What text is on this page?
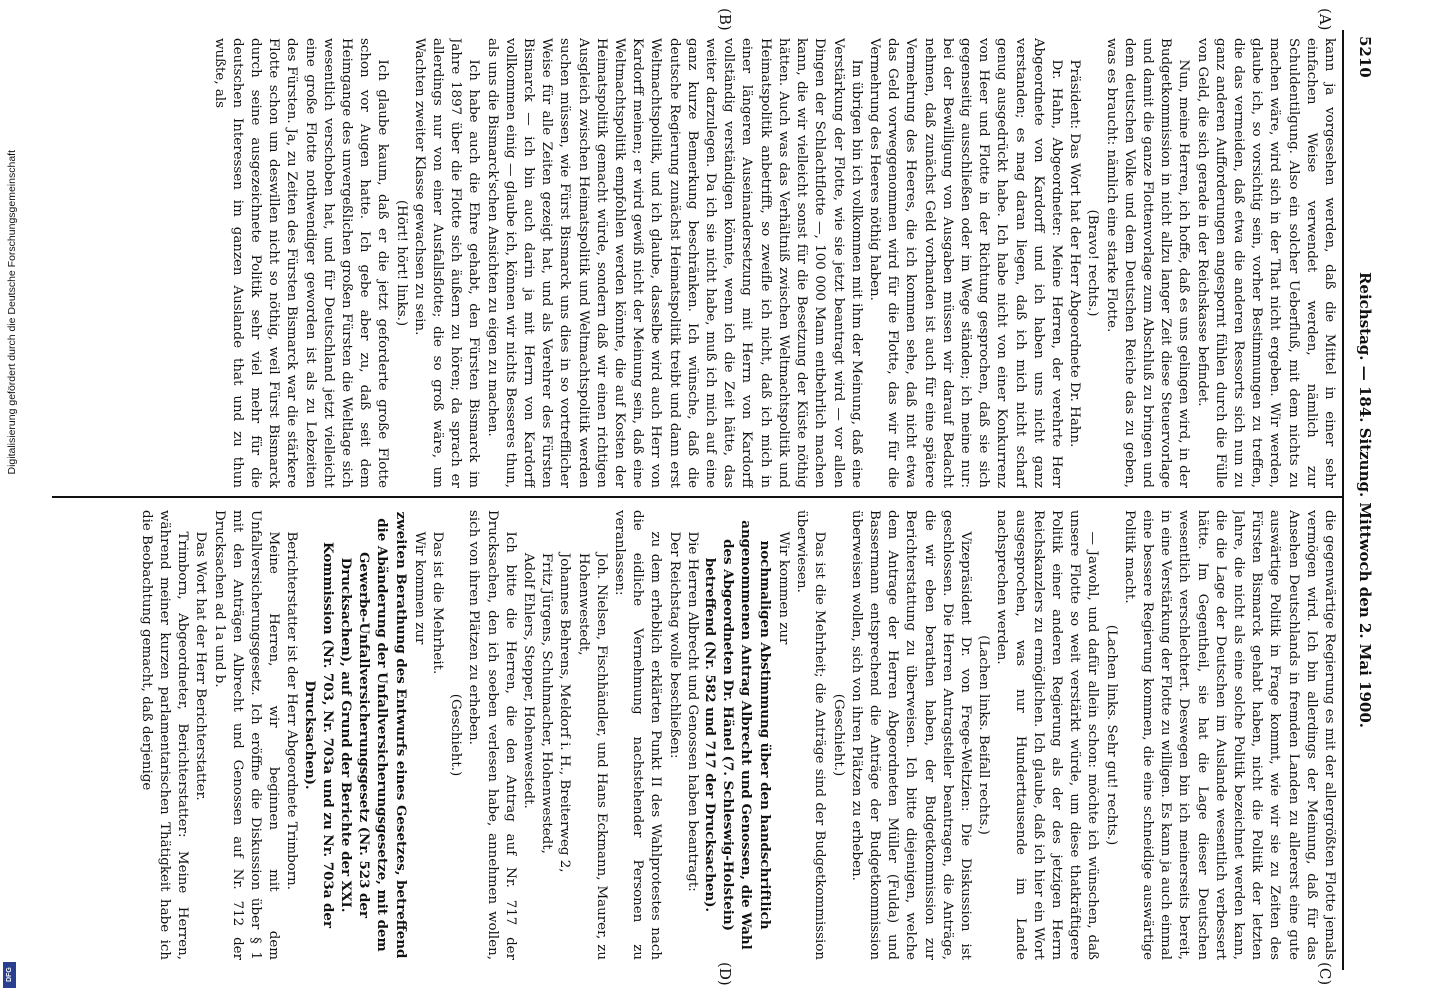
5210
Reichstag. — 184. Sitzung. Mittwoch den 2. Mai 1900.
(A)
(B)
(C)
(D)

kann ja vorgesehen werden, daß die Mittel in einer sehr einfachen Weise verwendet werden, nämlich zur Schuldentilgung. Also ein solcher Ueberfluß, mit dem nichts zu machen wäre, wird sich in der That nicht ergeben. Wir werden, glaube ich, so vorsichtig sein, vorher Bestimmungen zu treffen, die das vermeiden, daß etwa die anderen Ressorts sich nun zu ganz anderen Aufforderungen angespornt fühlen durch die Fülle von Geld, die sich gerade in der Reichskasse befindet.

Nun, meine Herren, ich hoffe, daß es uns gelingen wird, in der Budgetkommission in nicht allzu langer Zeit diese Steuervorlage und damit die ganze Flottenvorlage zum Abschluß zu bringen und dem deutschen Volke und dem Deutschen Reiche das zu geben, was es braucht: nämlich eine starke Flotte.

(Bravo! rechts.)

Präsident: Das Wort hat der Herr Abgeordnete Dr. Hahn.

Dr. Hahn, Abgeordneter: Meine Herren, der verehrte Herr Abgeordnete von Kardorff und ich haben uns nicht ganz verstanden; es mag daran liegen, daß ich mich nicht scharf genug ausgedrückt habe. Ich habe nicht von einer Konkurrenz von Heer und Flotte in der Richtung gesprochen, daß sie sich gegenseitig ausschließen oder im Wege ständen; ich meine nur: bei der Bewilligung von Ausgaben müssen wir darauf Bedacht nehmen, daß zunächst Geld vorhanden ist auch für eine spätere Vermehrung des Heeres, die ich kommen sehe, daß nicht etwa das Geld vorweggenommen wird für die Flotte, das wir für die Vermehrung des Heeres nöthig haben.

Im übrigen bin ich vollkommen mit ihm der Meinung, daß eine Verstärkung der Flotte, wie sie jetzt beantragt wird — vor allen Dingen der Schlachtflotte —, 100 000 Mann entbehrlich machen kann, die wir vielleicht sonst für die Besetzung der Küste nöthig hätten. Auch was das Verhältniß zwischen Weltmachtspolitik und Heimatspolitik anbetrifft, so zweifle ich nicht, daß ich mich in einer längeren Auseinandersetzung mit Herrn von Kardorff vollständig verständigen könnte, wenn ich die Zeit hätte, das weiter darzulegen. Da ich sie nicht habe, muß ich mich auf eine ganz kurze Bemerkung beschränken. Ich wünsche, daß die deutsche Regierung zunächst Heimatspolitik treibt und dann erst Weltmachtspolitik, und ich glaube, dasselbe wird auch Herr von Kardorff meinen; er wird gewiß nicht der Meinung sein, daß eine Weltmachtspolitik empfohlen werden könnte, die auf Kosten der Heimatspolitik gemacht würde, sondern daß wir einen richtigen Ausgleich zwischen Heimatspolitik und Weltmachtspolitik werden suchen müssen, wie Fürst Bismarck uns dies in so vortrefflicher Weise für alle Zeiten gezeigt hat, und als Verehrer des Fürsten Bismarck — ich bin auch darin ja mit Herrn von Kardorff vollkommen einig — glaube ich, können wir nichts Besseres thun, als uns die Bismarck'schen Ansichten zu eigen zu machen.

Ich habe auch die Ehre gehabt, den Fürsten Bismarck im Jahre 1897 über die Flotte sich äußern zu hören; da sprach er allerdings nur von einer Ausfallsflotte; die so groß wäre, um Wachten zweiter Klasse gewachsen zu sein.

(Hört! hört! links.)

Ich glaube kaum, daß er die jetzt geforderte große Flotte schon vor Augen hatte. Ich gebe aber zu, daß seit dem Heimgange des unvergeßlichen großen Fürsten die Weltlage sich wesentlich verschoben hat, und für Deutschland jetzt vielleicht eine große Flotte nothwendiger geworden ist als zu Lebzeiten des Fürsten. Ja, zu Zeiten des Fürsten Bismarck war die stärkere Flotte schon um deswillen nicht so nöthig, weil Fürst Bismarck durch seine ausgezeichnete Politik sehr viel mehr für die deutschen Interessen im ganzen Auslande that und zu thun wußte, als

die gegenwärtige Regierung es mit der allergrößten Flotte jemals vermögen wird. Ich bin allerdings der Meinung, daß für das Ansehen Deutschlands in fremden Landen zu allererst eine gute auswärtige Politik in Frage kommt, wie wir sie zu Zeiten des Fürsten Bismarck gehabt haben, nicht die Politik der letzten Jahre, die nicht als eine solche Politik bezeichnet werden kann, die die Lage der Deutschen im Auslande wesentlich verbessert hätte. Im Gegentheil, sie hat die Lage dieser Deutschen wesentlich verschlechtert. Deswegen bin ich meinerseits bereit, in eine Verstärkung der Flotte zu willigen. Es kann ja auch einmal eine bessere Regierung kommen, die eine schneidige auswärtige Politik macht.

(Lachen links. Sehr gut! rechts.)

— Jawohl, und dafür allein schon: möchte ich wünschen, daß unsere Flotte so weit verstärkt würde, um diese thatkräftigere Politik einer anderen Regierung als der des jetzigen Herrn Reichskanzlers zu ermöglichen. Ich glaube, daß ich hier ein Wort ausgesprochen, was nur Hunderttausende im Lande nachsprechen werden.

(Lachen links. Beifall rechts.)

Vizepräsident Dr. von Frege-Weltzien: Die Diskussion ist geschlossen. Die Herren Antragsteller beantragen, die Anträge, die wir eben berathen haben, der Budgetkommission zur Berichterstattung zu überweisen. Ich bitte diejenigen, welche dem Antrage der Herren Abgeordneten Müller (Fulda) und Bassermann entsprechend die Anträge der Budgetkommission überweisen wollen, sich von ihren Plätzen zu erheben.

(Geschieht.)

Das ist die Mehrheit; die Anträge sind der Budgetkommission überwiesen.

Wir kommen zur

nochmaligen Abstimmung über den handschriftlich angenommenen Antrag Albrecht und Genossen, die Wahl des Abgeordneten Dr. Hänel (7. Schleswig-Holstein) betreffend (Nr. 582 und 717 der Drucksachen).

Die Herren Albrecht und Genossen haben beantragt:

Der Reichstag wolle beschließen:

zu dem erheblich erklärten Punkt II des Wahlprotestes nach die eidliche Vernehmung nachstehender Personen zu veranlassen:

Joh. Nielsen, Fischhändler, und Hans Eckmann, Maurer, zu Hohenwestedt,
Johannes Behrens, Meldorf i. H., Breiterweg 2,
Fritz Jürgens, Schuhmacher, Hohenwestedt,
Adolf Ehlers, Stepper, Hohenwestedt.

Ich bitte die Herren, die den Antrag auf Nr. 717 der Drucksachen, den ich soeben verlesen habe, annehmen wollen, sich von ihren Plätzen zu erheben.

(Geschieht.)

Das ist die Mehrheit.

Wir kommen zur

zweiten Berathung des Entwurfs eines Gesetzes, betreffend die Abänderung der Unfallversicherungsgesetze, mit dem Gewerbe-Unfallversicherungsgesetz (Nr. 523 der Drucksachen), auf Grund der Berichte der XXI. Kommission (Nr. 703, Nr. 703a und zu Nr. 703a der Drucksachen).

Berichterstatter ist der Herr Abgeordnete Trimborn.

Meine Herren, wir beginnen mit dem Unfallversicherungsgesetz. Ich eröffne die Diskussion über § 1 mit den Anträgen Albrecht und Genossen auf Nr. 712 der Drucksachen ad 1a und b.

Das Wort hat der Herr Berichterstatter.

Trimborn, Abgeordneter, Berichterstatter: Meine Herren, während meiner kurzen parlamentarischen Thätigkeit habe ich die Beobachtung gemacht, daß derjenige

Digitalisierung gefördert durch die Deutsche Forschungsgemeinschaft
DFG
